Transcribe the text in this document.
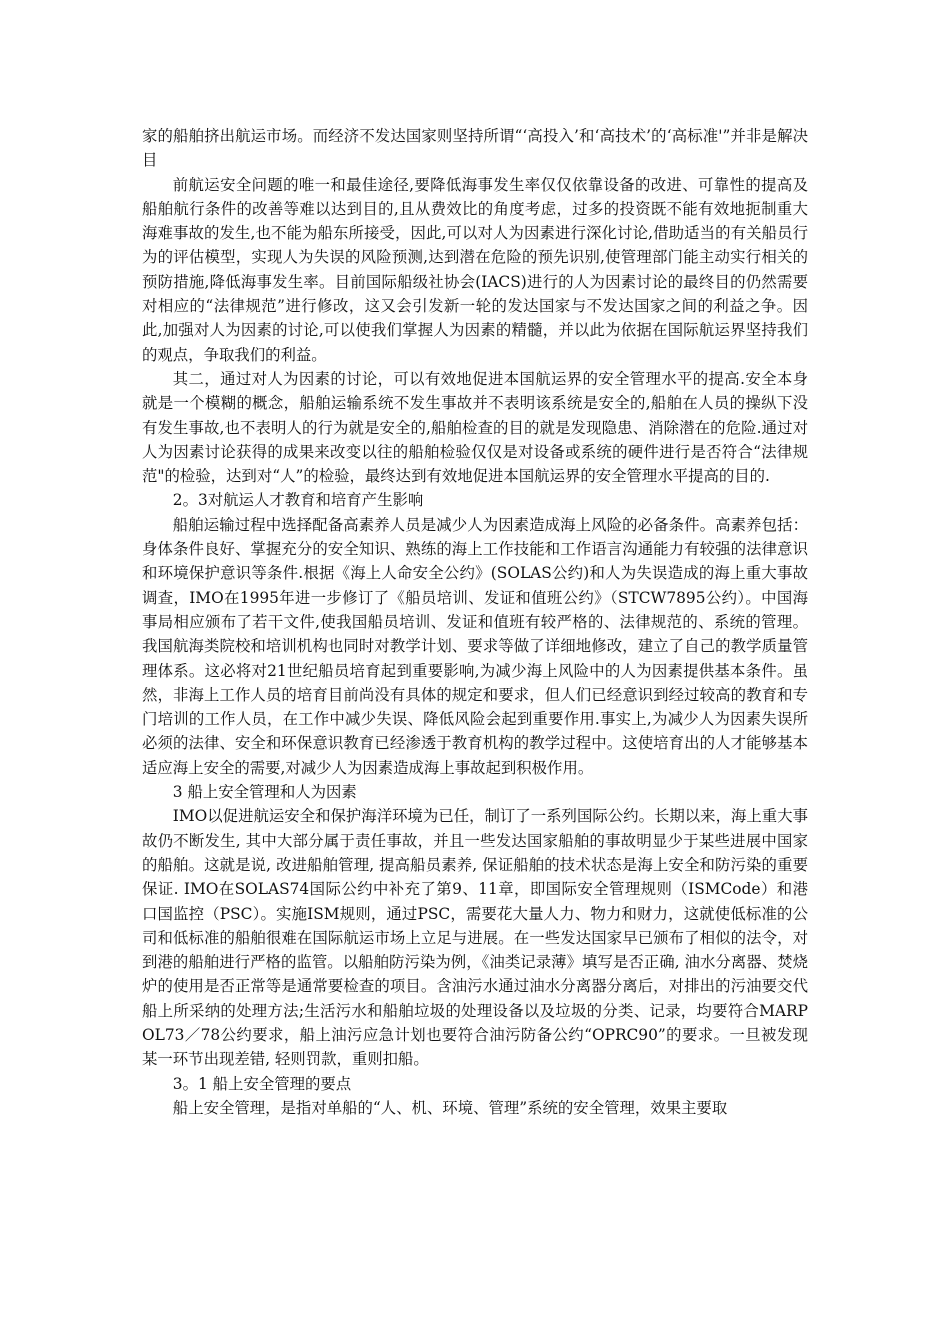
家的船舶挤出航运市场。而经济不发达国家则坚持所谓“‘高投入’和‘高技术’的‘高标准'”并非是解决目

前航运安全问题的唯一和最佳途径,要降低海事发生率仅仅依靠设备的改进、可靠性的提高及船舶航行条件的改善等难以达到目的,且从费效比的角度考虑，过多的投资既不能有效地扼制重大海难事故的发生,也不能为船东所接受，因此,可以对人为因素进行深化讨论,借助适当的有关船员行为的评估模型，实现人为失误的风险预测,达到潜在危险的预先识别,使管理部门能主动实行相关的预防措施,降低海事发生率。目前国际船级社协会(IACS)进行的人为因素讨论的最终目的仍然需要对相应的“法律规范”进行修改，这又会引发新一轮的发达国家与不发达国家之间的利益之争。因此,加强对人为因素的讨论,可以使我们掌握人为因素的精髓，并以此为依据在国际航运界坚持我们的观点，争取我们的利益。

其二，通过对人为因素的讨论，可以有效地促进本国航运界的安全管理水平的提高.安全本身就是一个模糊的概念，船舶运输系统不发生事故并不表明该系统是安全的,船舶在人员的操纵下没有发生事故,也不表明人的行为就是安全的,船舶检查的目的就是发现隐患、消除潜在的危险.通过对人为因素讨论获得的成果来改变以往的船舶检验仅仅是对设备或系统的硬件进行是否符合“法律规范"的检验，达到对“人”的检验，最终达到有效地促进本国航运界的安全管理水平提高的目的.

2。3对航运人才教育和培育产生影响

船舶运输过程中选择配备高素养人员是减少人为因素造成海上风险的必备条件。高素养包括：身体条件良好、掌握充分的安全知识、熟练的海上工作技能和工作语言沟通能力有较强的法律意识和环境保护意识等条件.根据《海上人命安全公约》(SOLAS公约)和人为失误造成的海上重大事故调查，IMO在1995年进一步修订了《船员培训、发证和值班公约》（STCW7895公约）。中国海事局相应颁布了若干文件,使我国船员培训、发证和值班有较严格的、法律规范的、系统的管理。我国航海类院校和培训机构也同时对教学计划、要求等做了详细地修改，建立了自己的教学质量管理体系。这必将对21世纪船员培育起到重要影响,为减少海上风险中的人为因素提供基本条件。虽然，非海上工作人员的培育目前尚没有具体的规定和要求，但人们已经意识到经过较高的教育和专门培训的工作人员，在工作中减少失误、降低风险会起到重要作用.事实上,为减少人为因素失误所必须的法律、安全和环保意识教育已经渗透于教育机构的教学过程中。这使培育出的人才能够基本适应海上安全的需要,对减少人为因素造成海上事故起到积极作用。

3 船上安全管理和人为因素

IMO以促进航运安全和保护海洋环境为已任，制订了一系列国际公约。长期以来，海上重大事故仍不断发生, 其中大部分属于责任事故，并且一些发达国家船舶的事故明显少于某些进展中国家的船舶。这就是说, 改进船舶管理, 提高船员素养, 保证船舶的技术状态是海上安全和防污染的重要保证. IMO在SOLAS74国际公约中补充了第9、11章，即国际安全管理规则（ISMCode）和港口国监控（PSC）。实施ISM规则，通过PSC，需要花大量人力、物力和财力，这就使低标准的公司和低标准的船舶很难在国际航运市场上立足与进展。在一些发达国家早已颁布了相似的法令，对到港的船舶进行严格的监管。以船舶防污染为例，《油类记录薄》填写是否正确, 油水分离器、焚烧炉的使用是否正常等是通常要检查的项目。含油污水通过油水分离器分离后，对排出的污油要交代船上所采纳的处理方法;生活污水和船舶垃圾的处理设备以及垃圾的分类、记录，均要符合MARPOL73／78公约要求，船上油污应急计划也要符合油污防备公约“OPRC90”的要求。一旦被发现某一环节出现差错, 轻则罚款，重则扣船。

3。1 船上安全管理的要点

船上安全管理，是指对单船的“人、机、环境、管理”系统的安全管理，效果主要取
